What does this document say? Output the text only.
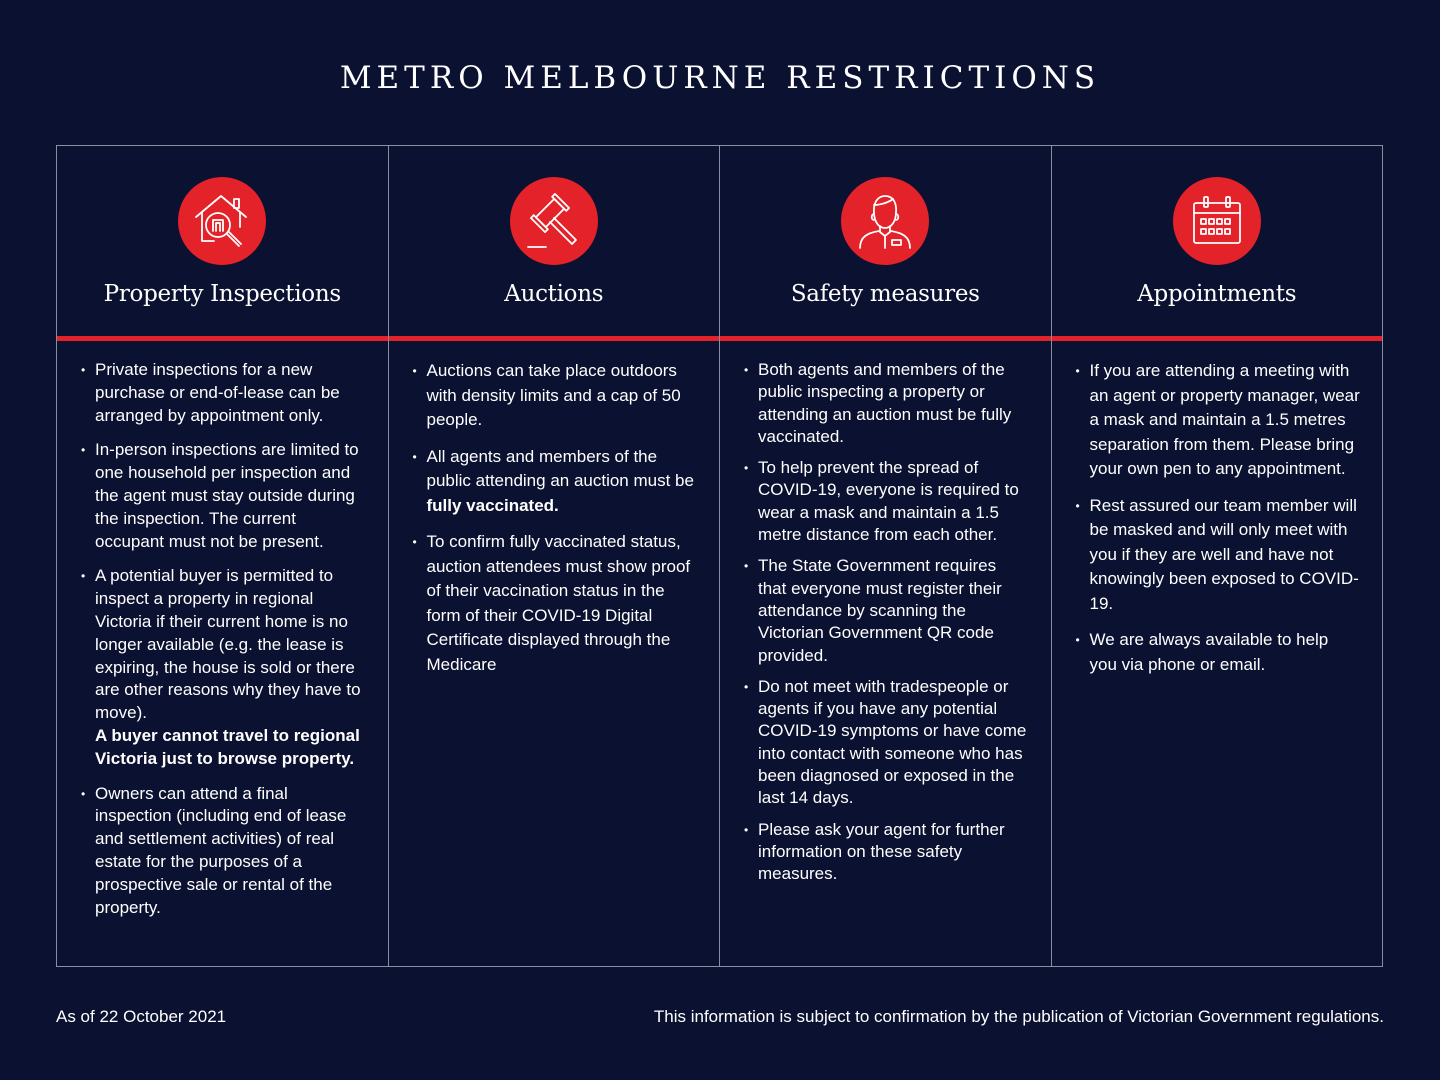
METRO MELBOURNE RESTRICTIONS
Property Inspections
• Private inspections for a new purchase or end-of-lease can be arranged by appointment only.
• In-person inspections are limited to one household per inspection and the agent must stay outside during the inspection. The current occupant must not be present.
• A potential buyer is permitted to inspect a property in regional Victoria if their current home is no longer available (e.g. the lease is expiring, the house is sold or there are other reasons why they have to move).
A buyer cannot travel to regional Victoria just to browse property.
• Owners can attend a final inspection (including end of lease and settlement activities) of real estate for the purposes of a prospective sale or rental of the property.
Auctions
• Auctions can take place outdoors with density limits and a cap of 50 people.
• All agents and members of the public attending an auction must be fully vaccinated.
• To confirm fully vaccinated status, auction attendees must show proof of their vaccination status in the form of their COVID-19 Digital Certificate displayed through the Medicare
Safety measures
• Both agents and members of the public inspecting a property or attending an auction must be fully vaccinated.
• To help prevent the spread of COVID-19, everyone is required to wear a mask and maintain a 1.5 metre distance from each other.
• The State Government requires that everyone must register their attendance by scanning the Victorian Government QR code provided.
• Do not meet with tradespeople or agents if you have any potential COVID-19 symptoms or have come into contact with someone who has been diagnosed or exposed in the last 14 days.
• Please ask your agent for further information on these safety measures.
Appointments
• If you are attending a meeting with an agent or property manager, wear a mask and maintain a 1.5 metres separation from them. Please bring your own pen to any appointment.
• Rest assured our team member will be masked and will only meet with you if they are well and have not knowingly been exposed to COVID-19.
• We are always available to help you via phone or email.
As of 22 October 2021	This information is subject to confirmation by the publication of Victorian Government regulations.
